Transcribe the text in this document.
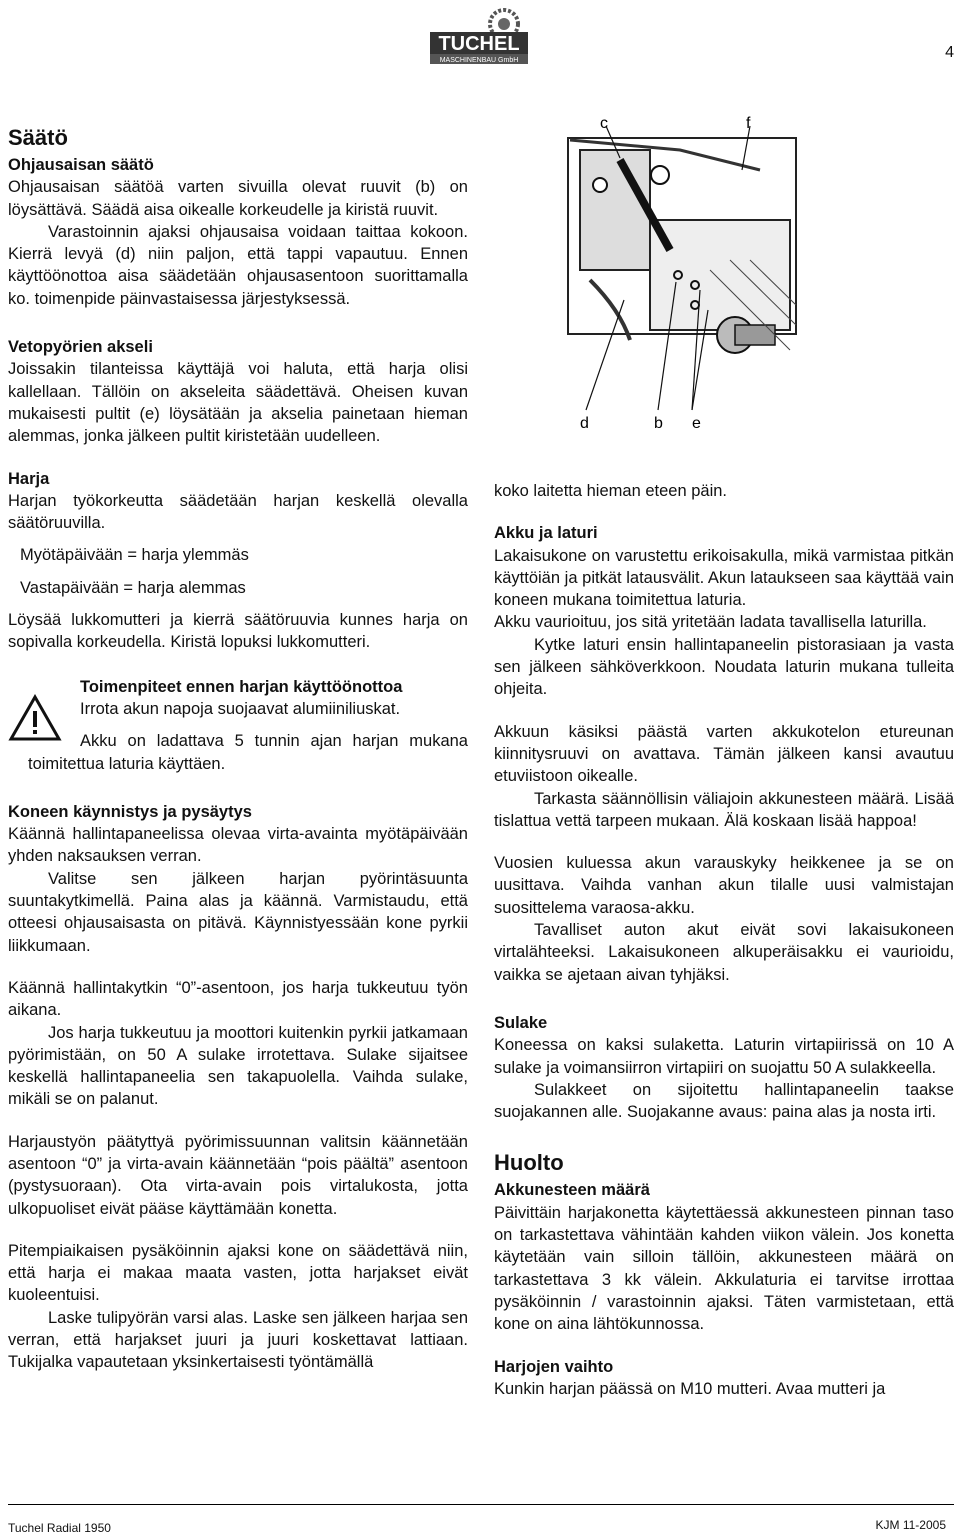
TUCHEL
MASCHINENBAU GmbH	4
c	f
d	b e
Säätö
Ohjausaisan säätö

Ohjausaisan säätöä varten sivuilla olevat ruuvit (b) on löysättävä. Säädä aisa oikealle korkeudelle ja kiristä ruuvit.

Varastoinnin ajaksi ohjausaisa voidaan taittaa kokoon. Kierrä levyä (d) niin paljon, että tappi vapautuu. Ennen käyttöönottoa aisa säädetään ohjausasentoon suorittamalla ko. toimenpide päinvastaisessa järjestyksessä.

Vetopyörien akseli

Joissakin tilanteissa käyttäjä voi haluta, että harja olisi kallellaan. Tällöin on akseleita säädettävä. Oheisen kuvan mukaisesti pultit (e) löysätään ja akselia painetaan hieman alemmas, jonka jälkeen pultit kiristetään uudelleen.

Harja

Harjan työkorkeutta säädetään harjan keskellä olevalla säätöruuvilla.

Myötäpäivään = harja ylemmäs

Vastapäivään = harja alemmas

Löysää lukkomutteri ja kierrä säätöruuvia kunnes harja on sopivalla korkeudella. Kiristä lopuksi lukkomutteri.

Toimenpiteet ennen harjan käyttöönottoa

Irrota akun napoja suojaavat alumiiniliuskat.

Akku on ladattava 5 tunnin ajan harjan mukana toimitettua laturia käyttäen.

Koneen käynnistys ja pysäytys

Käännä hallintapaneelissa olevaa virta-avainta myötäpäivään yhden naksauksen verran.

Valitse sen jälkeen harjan pyörintäsuunta suuntakytkimellä. Paina alas ja käännä. Varmistaudu, että otteesi ohjausaisasta on pitävä. Käynnistyessään kone pyrkii liikkumaan.

Käännä hallintakytkin “0”-asentoon, jos harja tukkeutuu työn aikana.

Jos harja tukkeutuu ja moottori kuitenkin pyrkii jatkamaan pyörimistään, on 50 A sulake irrotettava. Sulake sijaitsee keskellä hallintapaneelia sen takapuolella. Vaihda sulake, mikäli se on palanut.

Harjaustyön päätyttyä pyörimissuunnan valitsin käännetään asentoon “0” ja virta-avain käännetään “pois päältä” asentoon (pystysuoraan). Ota virta-avain pois virtalukosta, jotta ulkopuoliset eivät pääse käyttämään konetta.

Pitempiaikaisen pysäköinnin ajaksi kone on säädettävä niin, että harja ei makaa maata vasten, jotta harjakset eivät kuoleentuisi.

Laske tulipyörän varsi alas. Laske sen jälkeen harjaa sen verran, että harjakset juuri ja juuri koskettavat lattiaan. Tukijalka vapautetaan yksinkertaisesti työntämällä

koko laitetta hieman eteen päin.

Akku ja laturi

Lakaisukone on varustettu erikoisakulla, mikä varmistaa pitkän käyttöiän ja pitkät latausvälit. Akun lataukseen saa käyttää vain koneen mukana toimitettua laturia.

Akku vaurioituu, jos sitä yritetään ladata tavallisella laturilla.

Kytke laturi ensin hallintapaneelin pistorasiaan ja vasta sen jälkeen sähköverkkoon. Noudata laturin mukana tulleita ohjeita.

Akkuun käsiksi päästä varten akkukotelon etureunan kiinnitysruuvi on avattava. Tämän jälkeen kansi avautuu etuviistoon oikealle.

Tarkasta säännöllisin väliajoin akkunesteen määrä. Lisää tislattua vettä tarpeen mukaan. Älä koskaan lisää happoa!

Vuosien kuluessa akun varauskyky heikkenee ja se on uusittava. Vaihda vanhan akun tilalle uusi valmistajan suosittelema varaosa-akku.

Tavalliset auton akut eivät sovi lakaisukoneen virtalähteeksi. Lakaisukoneen alkuperäisakku ei vaurioidu, vaikka se ajetaan aivan tyhjäksi.

Sulake

Koneessa on kaksi sulaketta. Laturin virtapiirissä on 10 A sulake ja voimansiirron virtapiiri on suojattu 50 A sulakkeella.

Sulakkeet on sijoitettu hallintapaneelin taakse suojakannen alle. Suojakanne avaus: paina alas ja nosta irti.

Huolto
Akkunesteen määrä

Päivittäin harjakonetta käytettäessä akkunesteen pinnan taso on tarkastettava vähintään kahden viikon välein. Jos konetta käytetään vain silloin tällöin, akkunesteen määrä on tarkastettava 3 kk välein. Akkulaturia ei tarvitse irrottaa pysäköinnin / varastoinnin ajaksi. Täten varmistetaan, että kone on aina lähtökunnossa.

Harjojen vaihto

Kunkin harjan päässä on M10 mutteri. Avaa mutteri ja

Tuchel Radial 1950	KJM 11-2005
